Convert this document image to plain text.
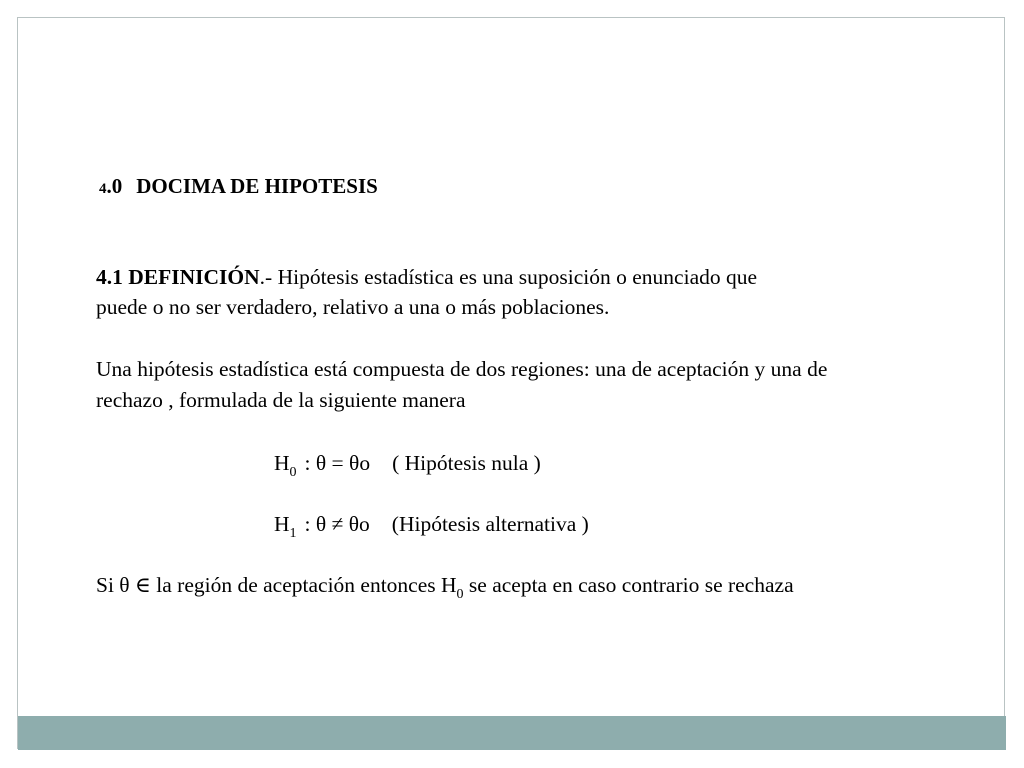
4.0 DOCIMA DE HIPOTESIS
4.1 DEFINICIÓN.- Hipótesis estadística es una suposición o enunciado que
puede o no ser verdadero, relativo a una o más poblaciones.
Una hipótesis estadística está compuesta de dos regiones: una de aceptación y una de
rechazo , formulada de la siguiente manera
$H_0$ : θ = θo ( Hipótesis nula )
$H_1$ : θ ≠ θo (Hipótesis alternativa )
Si θ ∈ la región de aceptación entonces $H_0$ se acepta en caso contrario se rechaza
